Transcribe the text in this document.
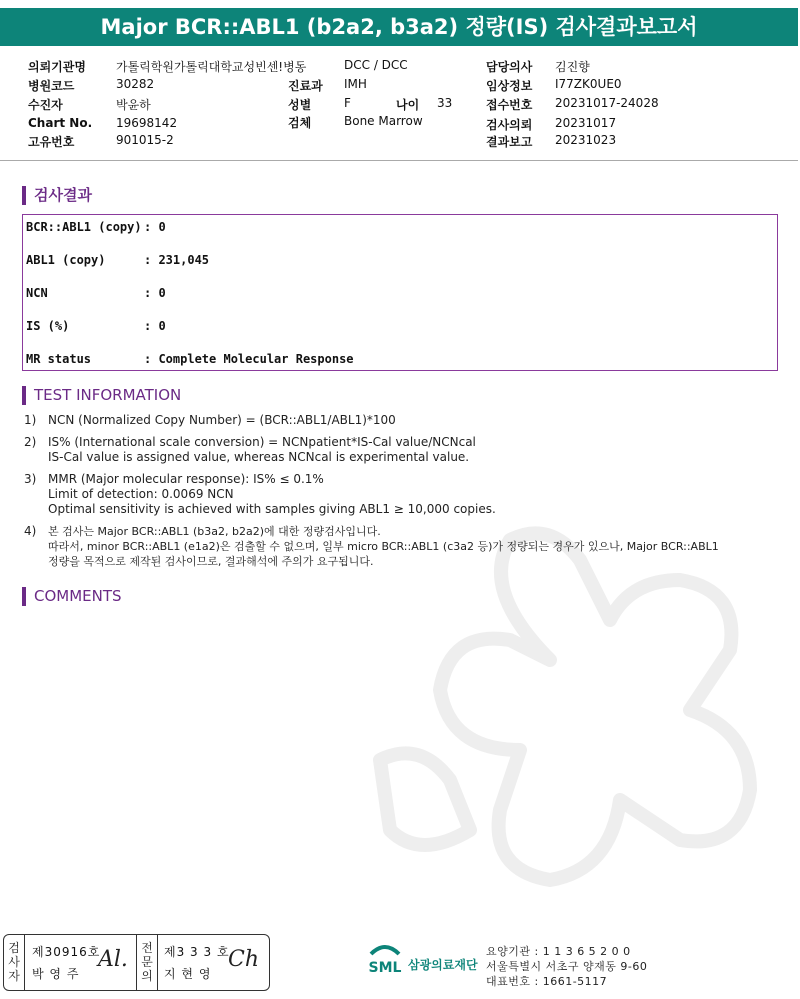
Major BCR::ABL1 (b2a2, b3a2) 정량(IS) 검사결과보고서
의뢰기관명	가톨릭학원가톨릭대학교성빈센!병동	DCC / DCC	담당의사 김진향
병원코드	30282	진료과 IMH	임상정보 I77ZK0UE0
수진자	박윤하	성별	F	나이 33	접수번호 20231017-24028
Chart No. 19698142	검체	Bone Marrow	검사의뢰 20231017
고유번호	901015-2	결과보고 20231023
검사결과
BCR::ABL1 (copy) : 0
ABL1 (copy)	: 231,045
NCN	: 0
IS (%)	: 0
MR status	: Complete Molecular Response
TEST INFORMATION
1) NCN (Normalized Copy Number) = (BCR::ABL1/ABL1)*100
2) IS% (International scale conversion) = NCNpatient*IS-Cal value/NCNcal
IS-Cal value is assigned value, whereas NCNcal is experimental value.
3) MMR (Major molecular response): IS% ≤ 0.1%
Limit of detection: 0.0069 NCN
Optimal sensitivity is achieved with samples giving ABL1 ≥ 10,000 copies.
4) 본 검사는 Major BCR::ABL1 (b3a2, b2a2)에 대한 정량검사입니다.
따라서, minor BCR::ABL1 (e1a2)은 검출할 수 없으며, 일부 micro BCR::ABL1 (c3a2 등)가 정량되는 경우가 있으나, Major BCR::ABL1
정량을 목적으로 제작된 검사이므로, 결과해석에 주의가 요구됩니다.
COMMENTS
검사자
제30916호
박 영 주
Al. 전문의
제3 3 3 호
지 현 영
Ch	SML 삼광의료재단
요양기관 : 1 1 3 6 5 2 0 0
서울특별시 서초구 양재동 9-60
대표번호 : 1661-5117
